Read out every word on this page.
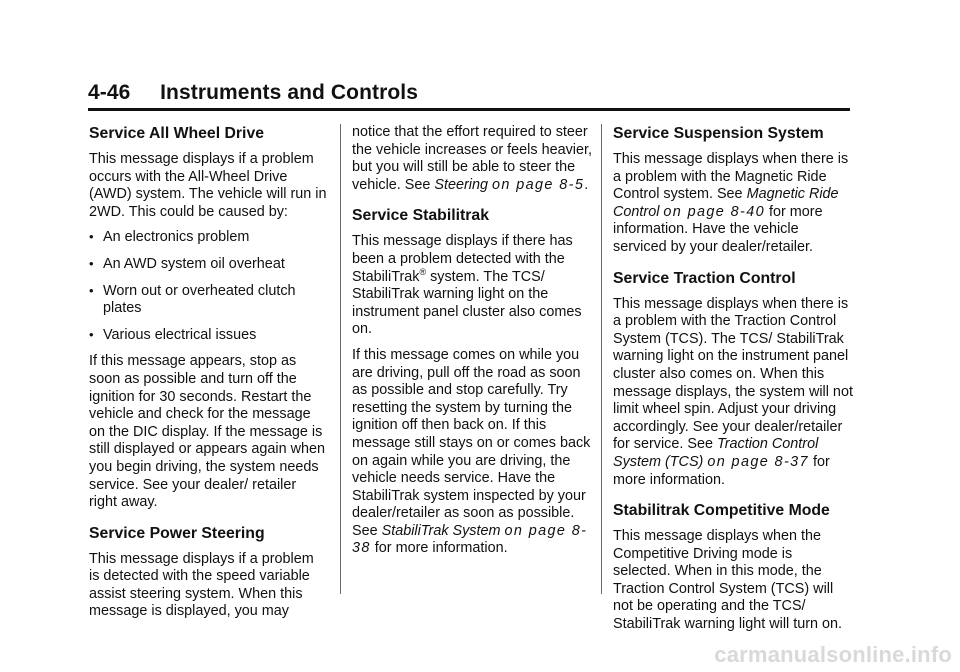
4-46     Instruments and Controls
Service All Wheel Drive

This message displays if a problem occurs with the All-Wheel Drive (AWD) system. The vehicle will run in 2WD. This could be caused by:

• An electronics problem
• An AWD system oil overheat
• Worn out or overheated clutch plates
• Various electrical issues

If this message appears, stop as soon as possible and turn off the ignition for 30 seconds. Restart the vehicle and check for the message on the DIC display. If the message is still displayed or appears again when you begin driving, the system needs service. See your dealer/ retailer right away.

Service Power Steering

This message displays if a problem is detected with the speed variable assist steering system. When this message is displayed, you may

notice that the effort required to steer the vehicle increases or feels heavier, but you will still be able to steer the vehicle. See Steering on page 8-5.

Service Stabilitrak

This message displays if there has been a problem detected with the StabiliTrak® system. The TCS/ StabiliTrak warning light on the instrument panel cluster also comes on.

If this message comes on while you are driving, pull off the road as soon as possible and stop carefully. Try resetting the system by turning the ignition off then back on. If this message still stays on or comes back on again while you are driving, the vehicle needs service. Have the StabiliTrak system inspected by your dealer/retailer as soon as possible. See StabiliTrak System on page 8-38 for more information.

Service Suspension System

This message displays when there is a problem with the Magnetic Ride Control system. See Magnetic Ride Control on page 8-40 for more information. Have the vehicle serviced by your dealer/retailer.

Service Traction Control

This message displays when there is a problem with the Traction Control System (TCS). The TCS/ StabiliTrak warning light on the instrument panel cluster also comes on. When this message displays, the system will not limit wheel spin. Adjust your driving accordingly. See your dealer/retailer for service. See Traction Control System (TCS) on page 8-37 for more information.

Stabilitrak Competitive Mode

This message displays when the Competitive Driving mode is selected. When in this mode, the Traction Control System (TCS) will not be operating and the TCS/ StabiliTrak warning light will turn on.

carmanualsonline.info
